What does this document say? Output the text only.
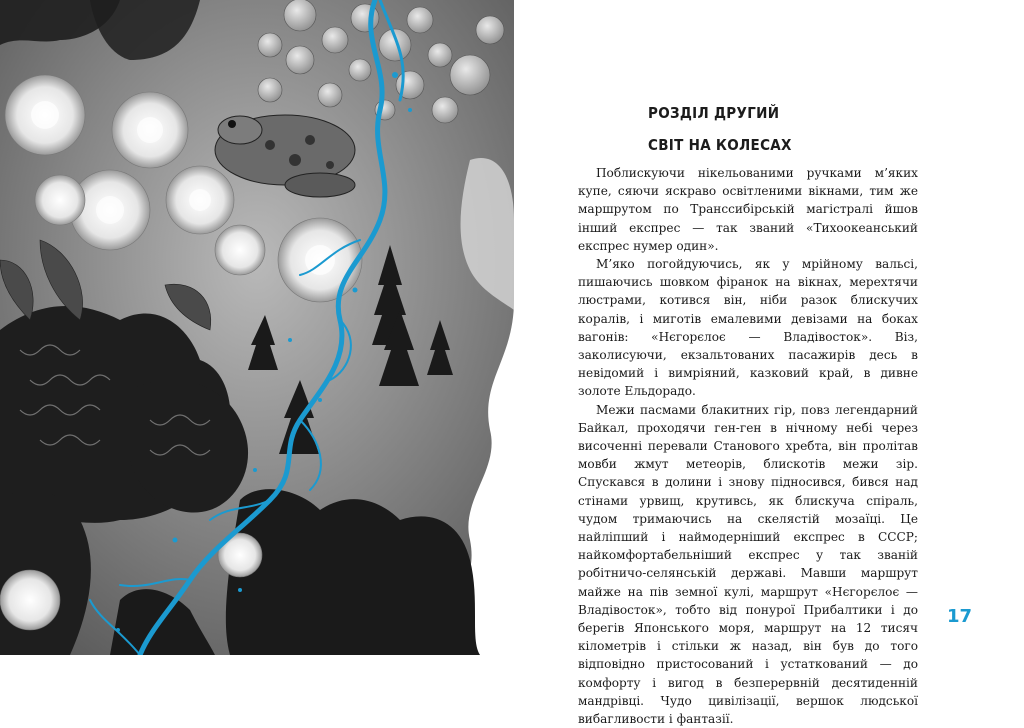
РОЗДІЛ ДРУГИЙ
СВІТ НА КОЛЕСАХ

Поблискуючи нікельованими ручками м’яких купе, сяючи яскраво освітленими вікнами, тим же маршрутом по Транссибірській магістралі йшов інший експрес — так званий «Тихоокеанський експрес нумер один».

М’яко погойдуючись, як у мрійному вальсі, пишаючись шовком фіранок на вікнах, мерехтячи люстрами, котився він, ніби разок блискучих коралів, і миготів емалевими девізами на боках вагонів: «Нєгорєлоє — Владівосток». Віз, заколисуючи, екзальтованих пасажирів десь в невідомий і вимріяний, казковий край, в дивне золоте Ельдорадо.

Межи пасмами блакитних гір, повз легендарний Байкал, проходячи ген-ген в нічному небі через височенні перевали Станового хребта, він пролітав мовби жмут метеорів, блискотів межи зір. Спускався в долини і знову підносився, бився над стінами урвищ, крутивсь, як блискуча спіраль, чудом тримаючись на скелястій мозаїці. Це найліпший і наймодерніший експрес в СССР; найкомфортабельніший експрес у так званій робітничо-селянській державі. Мавши маршрут майже на пів земної кулі, маршрут «Нєгорєлоє — Владівосток», тобто від понурої Прибалтики і до берегів Японського моря, маршрут на 12 тисяч кілометрів і стільки ж назад, він був до того відповідно пристосований і устаткований — до комфорту і вигод в безперервній десятиденній мандрівці. Чудо цивілізації, вершок людської вибагливости і фантазії.

17
